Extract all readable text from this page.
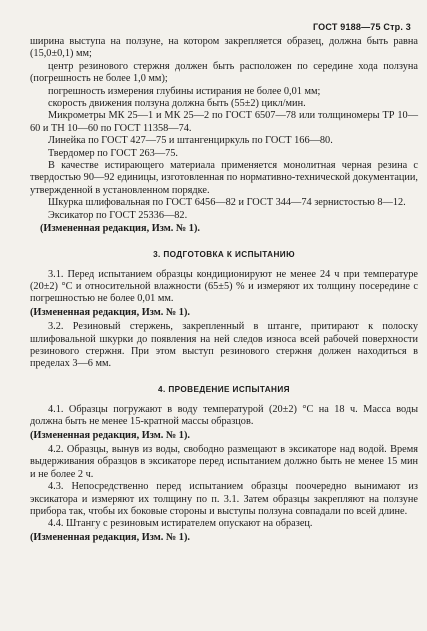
ГОСТ 9188—75 Стр. 3

ширина выступа на ползуне, на котором закрепляется образец, должна быть равна (15,0±0,1) мм;

центр резинового стержня должен быть расположен по середине хода ползуна (погрешность не более 1,0 мм);

погрешность измерения глубины истирания не более 0,01 мм;

скорость движения ползуна должна быть (55±2) цикл/мин.

Микрометры МК 25—1 и МК 25—2 по ГОСТ 6507—78 или толщиномеры ТР 10—60 и ТН 10—60 по ГОСТ 11358—74.

Линейка по ГОСТ 427—75 и штангенциркуль по ГОСТ 166—80.

Твердомер по ГОСТ 263—75.

В качестве истирающего материала применяется монолитная черная резина с твердостью 90—92 единицы, изготовленная по нормативно-технической документации, утвержденной в установленном порядке.

Шкурка шлифовальная по ГОСТ 6456—82 и ГОСТ 344—74 зернистостью 8—12.

Эксикатор по ГОСТ 25336—82.

(Измененная редакция, Изм. № 1).

3. ПОДГОТОВКА К ИСПЫТАНИЮ

3.1. Перед испытанием образцы кондиционируют не менее 24 ч при температуре (20±2) °С и относительной влажности (65±5) % и измеряют их толщину посередине с погрешностью не более 0,01 мм.

(Измененная редакция, Изм. № 1).

3.2. Резиновый стержень, закрепленный в штанге, притирают к полоску шлифовальной шкурки до появления на ней следов износа всей рабочей поверхности резинового стержня. При этом выступ резинового стержня должен находиться в пределах 3—6 мм.

4. ПРОВЕДЕНИЕ ИСПЫТАНИЯ

4.1. Образцы погружают в воду температурой (20±2) °С на 18 ч. Масса воды должна быть не менее 15-кратной массы образцов.

(Измененная редакция, Изм. № 1).

4.2. Образцы, вынув из воды, свободно размещают в эксикаторе над водой. Время выдерживания образцов в эксикаторе перед испытанием должно быть не менее 15 мин и не более 2 ч.

4.3. Непосредственно перед испытанием образцы поочередно вынимают из эксикатора и измеряют их толщину по п. 3.1. Затем образцы закрепляют на ползуне прибора так, чтобы их боковые стороны и выступы ползуна совпадали по всей длине.

4.4. Штангу с резиновым истирателем опускают на образец.

(Измененная редакция, Изм. № 1).
